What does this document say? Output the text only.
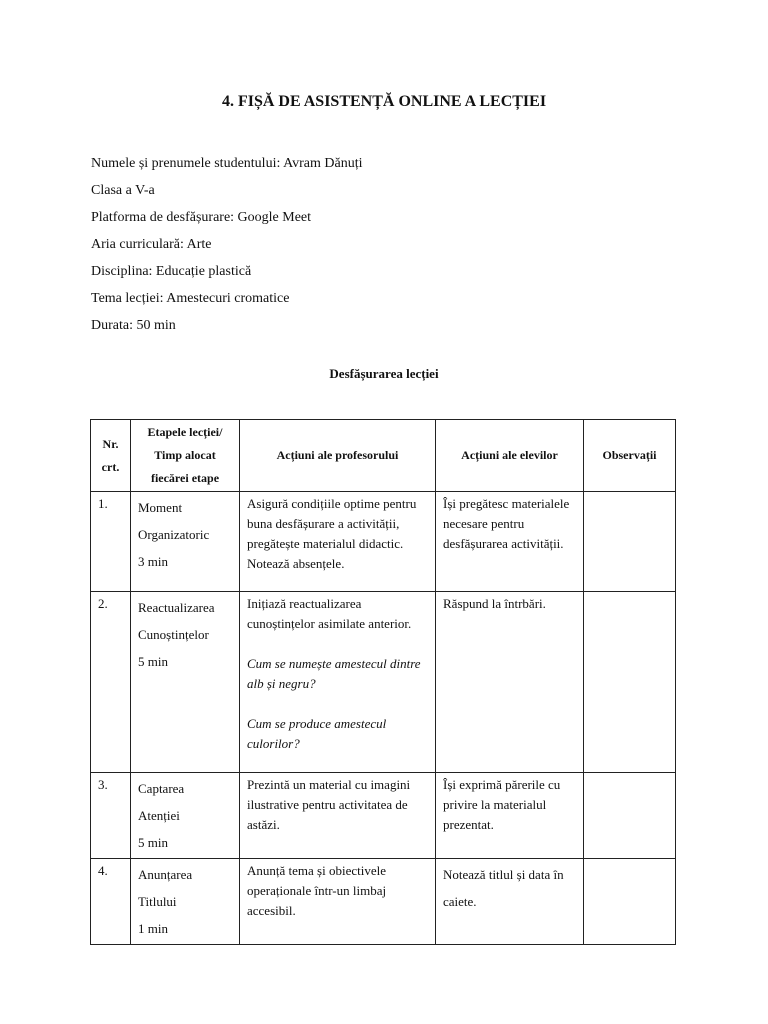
4. FIȘĂ DE ASISTENȚĂ ONLINE A LECȚIEI
Numele și prenumele studentului: Avram Dănuți
Clasa a V-a
Platforma de desfășurare: Google Meet
Aria curriculară: Arte
Disciplina: Educație plastică
Tema lecției: Amestecuri cromatice
Durata: 50 min
Desfășurarea lecției
Nr.
crt.	Etapele lecției/
Timp alocat
fiecărei etape	Acțiuni ale profesorului	Acțiuni ale elevilor	Observații
1.	Moment
Organizatoric
3 min	Asigură condițiile optime pentru buna desfășurare a activității, pregătește materialul didactic.
Notează absențele.	Își pregătesc materialele necesare pentru desfășurarea activității.	
2.	Reactualizarea
Cunoștințelor
5 min	Inițiază reactualizarea cunoștințelor asimilate anterior.
Cum se numește amestecul dintre alb și negru?
Cum se produce amestecul culorilor?	Răspund la întrbări.	
3.	Captarea
Atenției
5 min	Prezintă un material cu imagini ilustrative pentru activitatea de astăzi.	Își exprimă părerile cu privire la materialul prezentat.	
4.	Anunțarea
Titlului
1 min	Anunță tema și obiectivele operaționale într-un limbaj accesibil.	Notează titlul și data în caiete.	
